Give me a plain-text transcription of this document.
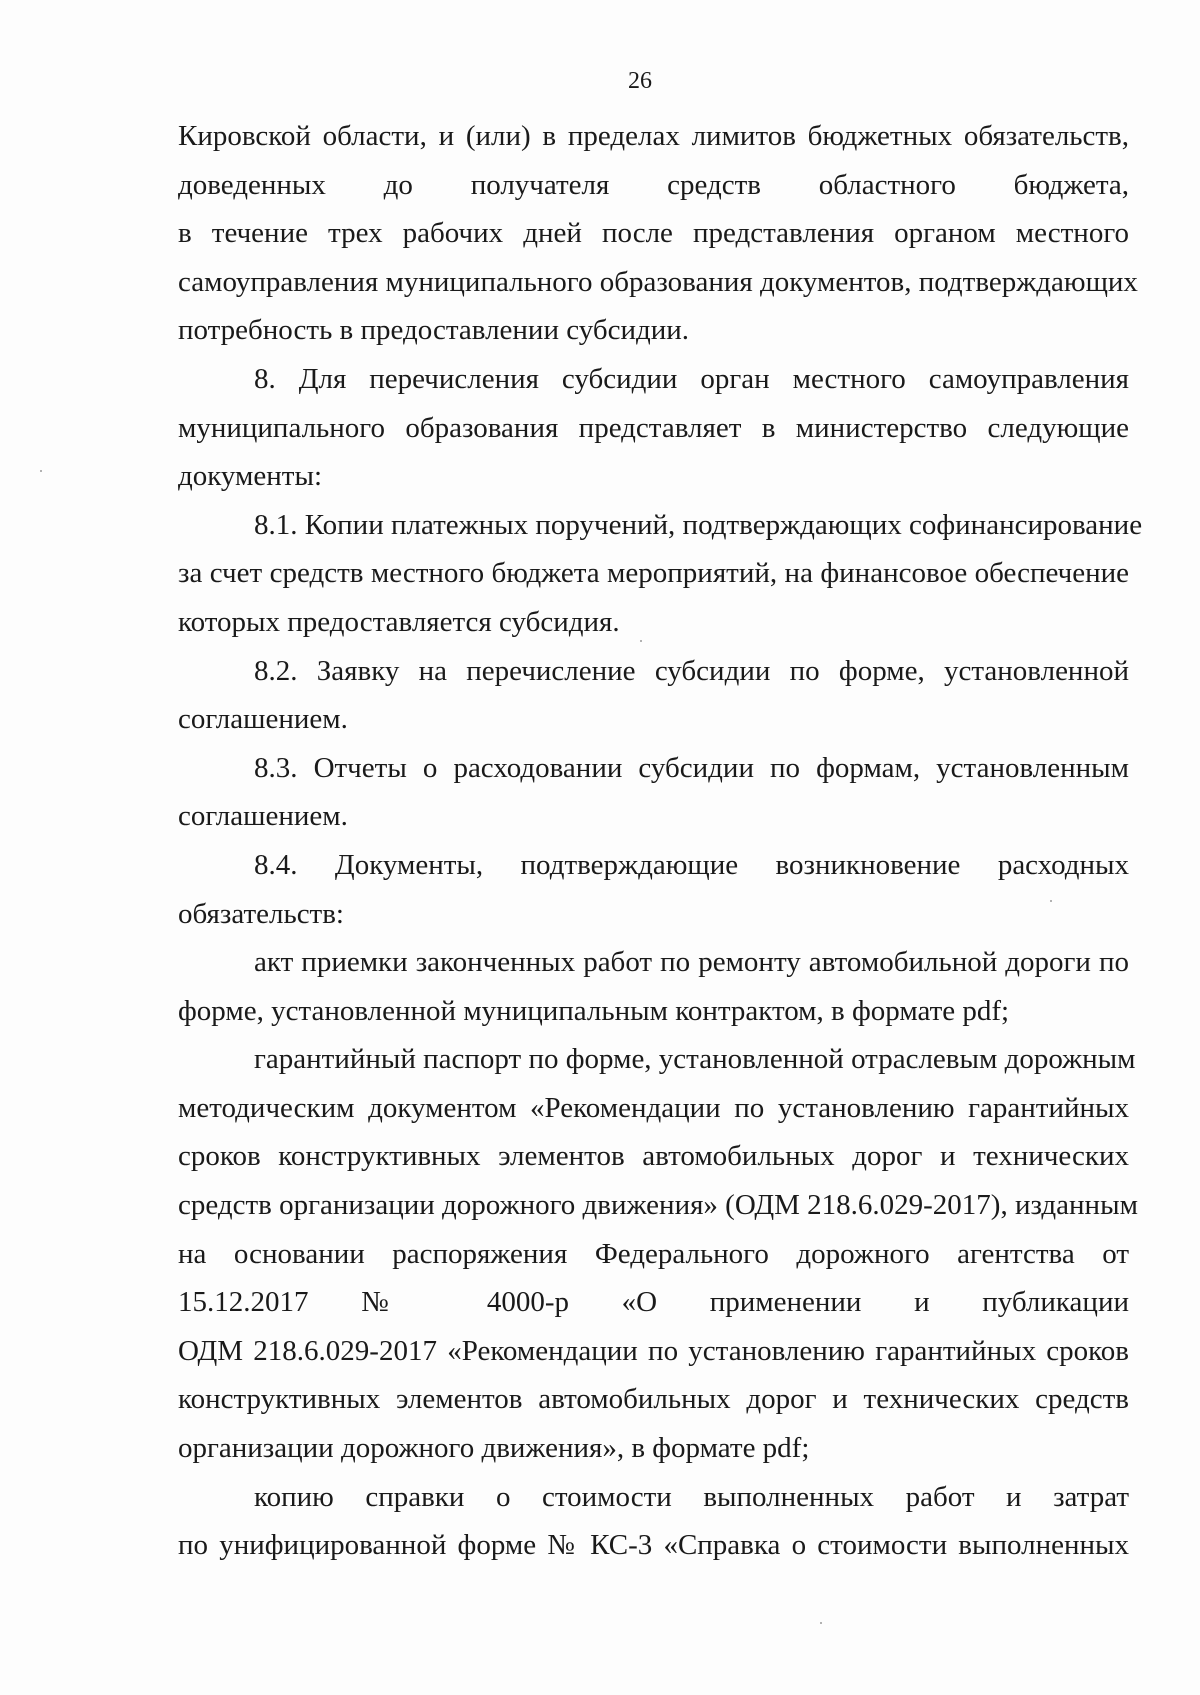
26
Кировской области, и (или) в пределах лимитов бюджетных обязательств,
доведенных до получателя средств областного бюджета,
в течение трех рабочих дней после представления органом местного
самоуправления муниципального образования документов, подтверждающих
потребность в предоставлении субсидии.
8. Для перечисления субсидии орган местного самоуправления
муниципального образования представляет в министерство следующие
документы:
8.1. Копии платежных поручений, подтверждающих софинансирование
за счет средств местного бюджета мероприятий, на финансовое обеспечение
которых предоставляется субсидия.
8.2. Заявку на перечисление субсидии по форме, установленной
соглашением.
8.3. Отчеты о расходовании субсидии по формам, установленным
соглашением.
8.4. Документы, подтверждающие возникновение расходных
обязательств:
акт приемки законченных работ по ремонту автомобильной дороги по
форме, установленной муниципальным контрактом, в формате pdf;
гарантийный паспорт по форме, установленной отраслевым дорожным
методическим документом «Рекомендации по установлению гарантийных
сроков конструктивных элементов автомобильных дорог и технических
средств организации дорожного движения» (ОДМ 218.6.029-2017), изданным
на основании распоряжения Федерального дорожного агентства от
15.12.2017 № 4000-р «О применении и публикации
ОДМ 218.6.029-2017 «Рекомендации по установлению гарантийных сроков
конструктивных элементов автомобильных дорог и технических средств
организации дорожного движения», в формате pdf;
копию справки о стоимости выполненных работ и затрат
по унифицированной форме № КС-3 «Справка о стоимости выполненных
